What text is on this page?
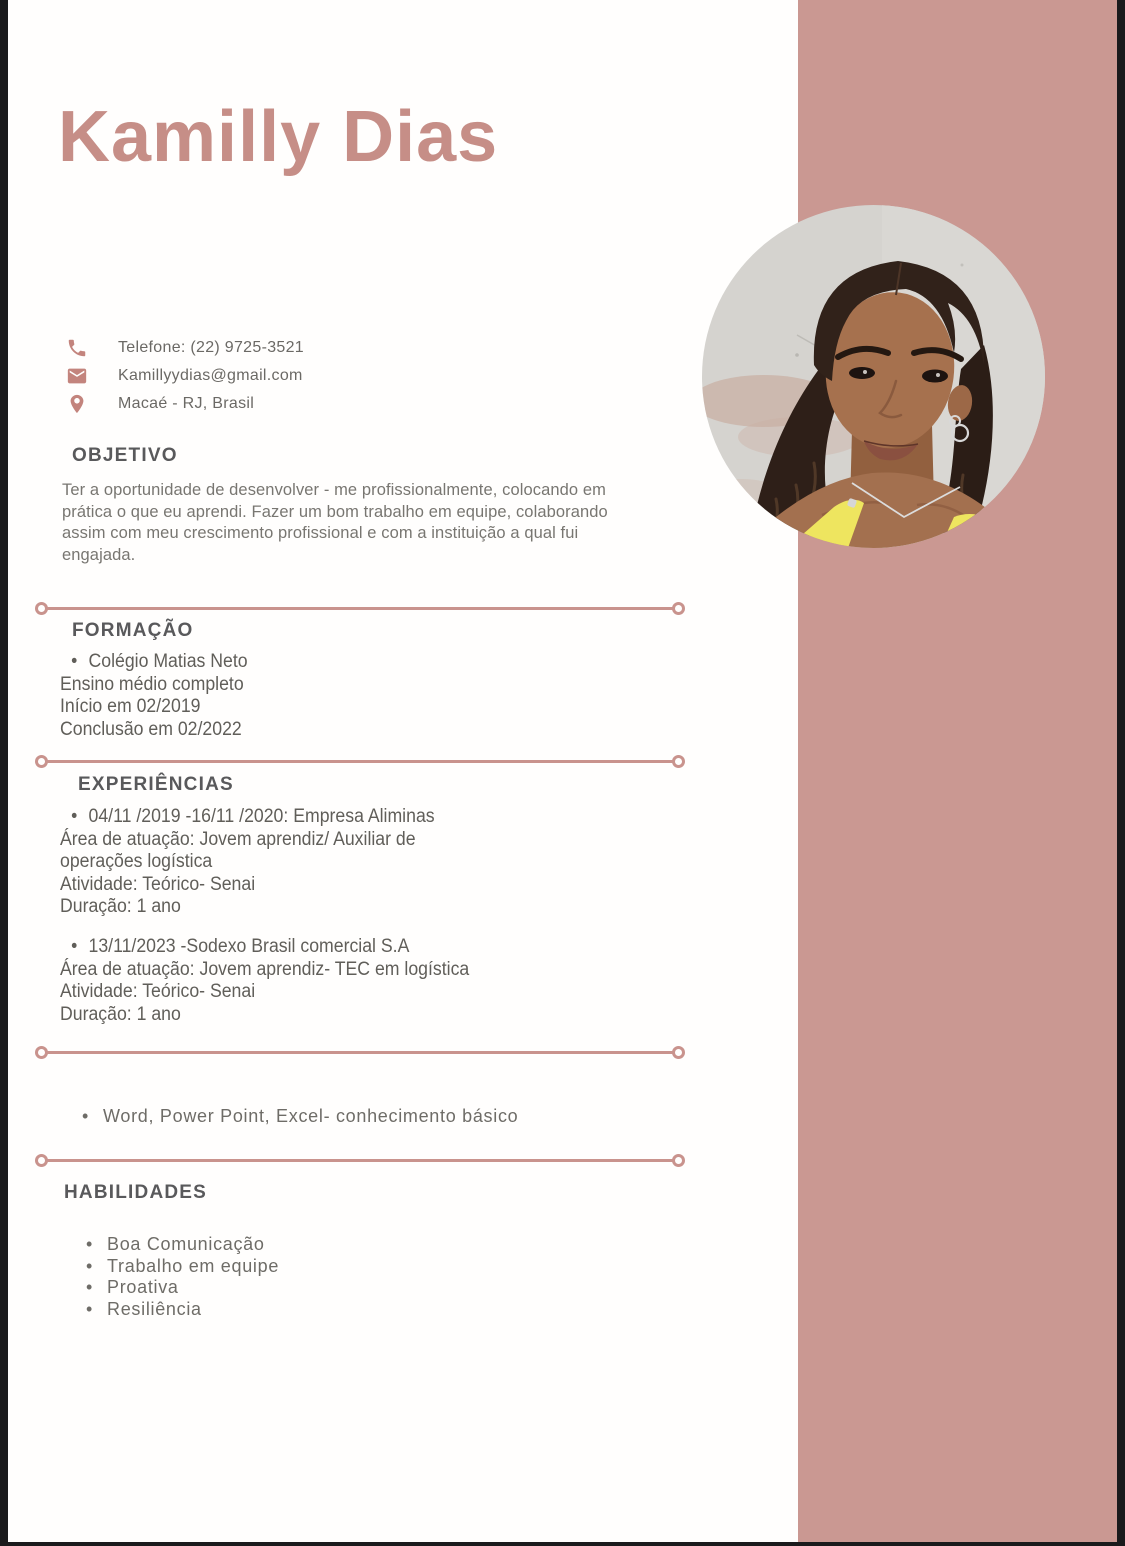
Kamilly Dias
Telefone: (22) 9725-3521
Kamillyydias@gmail.com
Macaé - RJ, Brasil
OBJETIVO
Ter a oportunidade de desenvolver - me profissionalmente, colocando em prática o que eu aprendi. Fazer um bom trabalho em equipe, colaborando assim com meu crescimento profissional e com a instituição a qual fui engajada.
FORMAÇÃO
• Colégio Matias Neto
Ensino médio completo
Início em 02/2019
Conclusão em 02/2022
EXPERIÊNCIAS
• 04/11 /2019 -16/11 /2020: Empresa Aliminas
Área de atuação: Jovem aprendiz/ Auxiliar de
operações logística
Atividade: Teórico- Senai
Duração: 1 ano
• 13/11/2023 -Sodexo Brasil comercial S.A
Área de atuação: Jovem aprendiz- TEC em logística
Atividade: Teórico- Senai
Duração: 1 ano
• Word, Power Point, Excel- conhecimento básico
HABILIDADES
• Boa Comunicação
• Trabalho em equipe
• Proativa
• Resiliência
